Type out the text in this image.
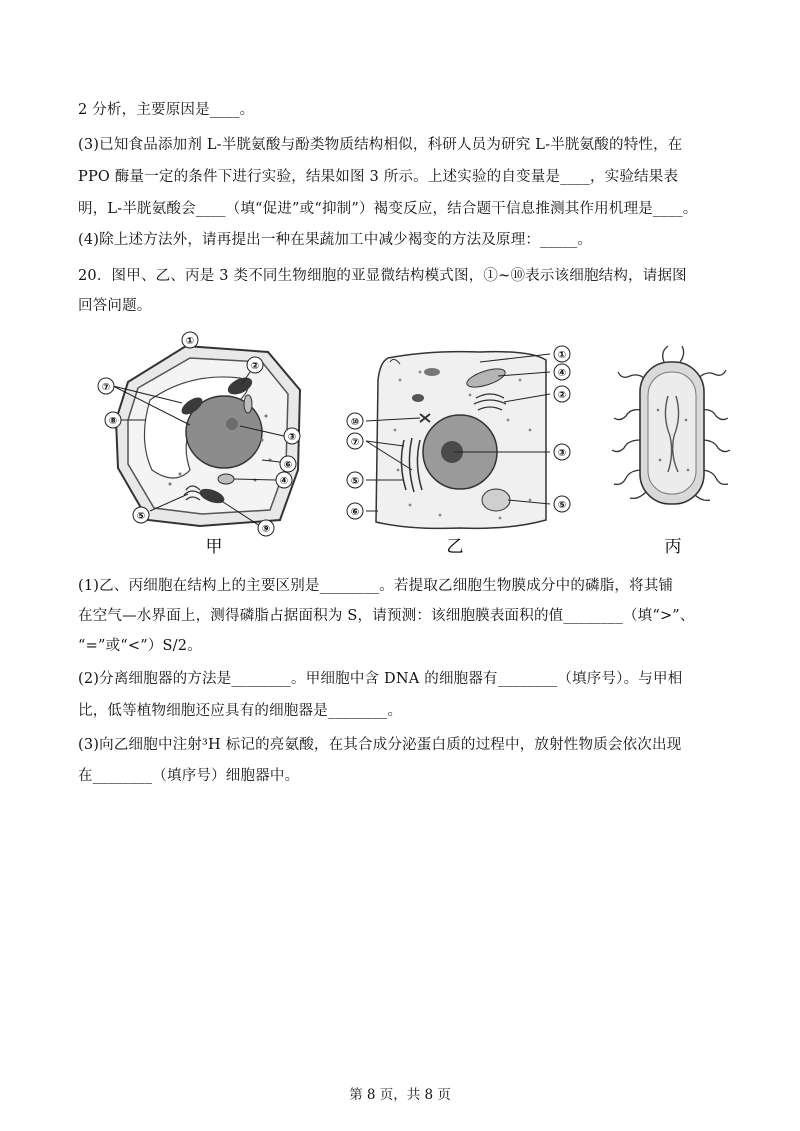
2 分析，主要原因是____。
(3)已知食品添加剂 L-半胱氨酸与酚类物质结构相似，科研人员为研究 L-半胱氨酸的特性，在
PPO 酶量一定的条件下进行实验，结果如图 3 所示。上述实验的自变量是____，实验结果表
明，L-半胱氨酸会____（填“促进”或“抑制”）褐变反应，结合题干信息推测其作用机理是____。
(4)除上述方法外，请再提出一种在果蔬加工中减少褐变的方法及原理：_____。
20．图甲、乙、丙是 3 类不同生物细胞的亚显微结构模式图，①~⑩表示该细胞结构，请据图
回答问题。
①
②
③
④
⑤
⑥
⑦
⑧
⑨
①
④
②
③
⑤
⑥
⑦
⑤
⑩
甲	乙	丙
(1)乙、丙细胞在结构上的主要区别是________。若提取乙细胞生物膜成分中的磷脂，将其铺
在空气—水界面上，测得磷脂占据面积为 S，请预测：该细胞膜表面积的值________（填“>”、
“=”或“<”）S/2。
(2)分离细胞器的方法是________。甲细胞中含 DNA 的细胞器有________（填序号）。与甲相
比，低等植物细胞还应具有的细胞器是________。
(3)向乙细胞中注射³H 标记的亮氨酸，在其合成分泌蛋白质的过程中，放射性物质会依次出现
在________（填序号）细胞器中。
第 8 页，共 8 页
